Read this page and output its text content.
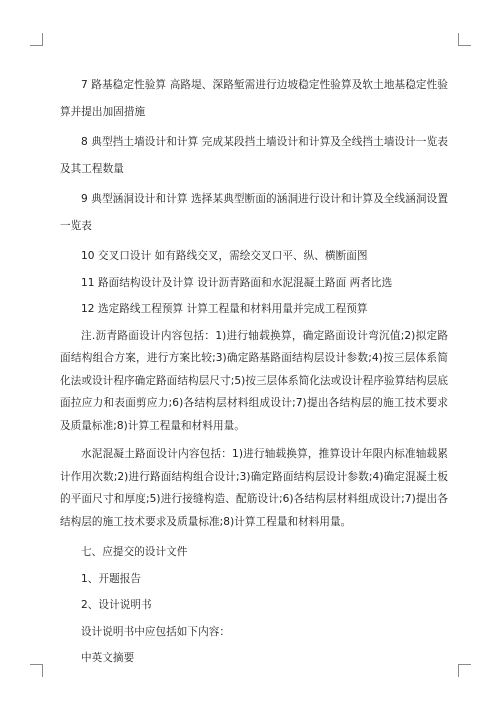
7 路基稳定性验算 高路堤、深路堑需进行边坡稳定性验算及软土地基稳定性验算并提出加固措施

8 典型挡土墙设计和计算 完成某段挡土墙设计和计算及全线挡土墙设计一览表及其工程数量

9 典型涵洞设计和计算 选择某典型断面的涵洞进行设计和计算及全线涵洞设置一览表

10 交叉口设计 如有路线交叉，需绘交叉口平、纵、横断面图

11 路面结构设计及计算 设计沥青路面和水泥混凝土路面 两者比选

12 选定路线工程预算 计算工程量和材料用量并完成工程预算

注.沥青路面设计内容包括：1)进行轴载换算，确定路面设计弯沉值;2)拟定路面结构组合方案，进行方案比较;3)确定路基路面结构层设计参数;4)按三层体系简化法或设计程序确定路面结构层尺寸;5)按三层体系简化法或设计程序验算结构层底面拉应力和表面剪应力;6)各结构层材料组成设计;7)提出各结构层的施工技术要求及质量标准;8)计算工程量和材料用量。

水泥混凝土路面设计内容包括：1)进行轴载换算，推算设计年限内标准轴载累计作用次数;2)进行路面结构组合设计;3)确定路面结构层设计参数;4)确定混凝土板的平面尺寸和厚度;5)进行接缝构造、配筋设计;6)各结构层材料组成设计;7)提出各结构层的施工技术要求及质量标准;8)计算工程量和材料用量。

七、应提交的设计文件

1、开题报告

2、设计说明书

设计说明书中应包括如下内容：

中英文摘要
